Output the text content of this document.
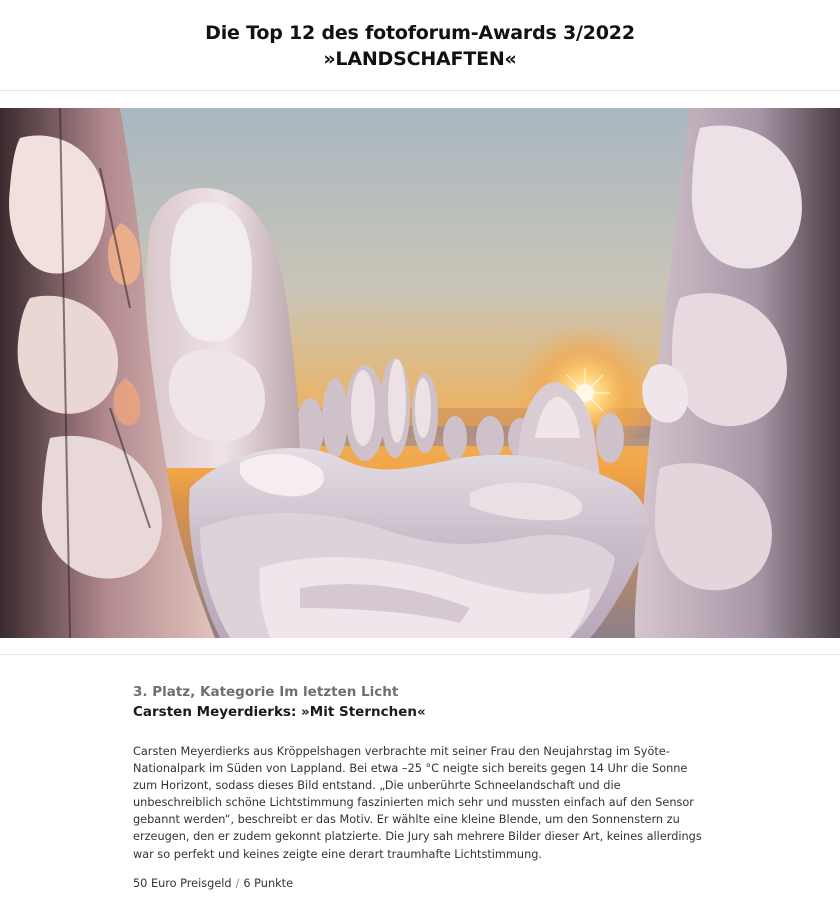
Die Top 12 des fotoforum-Awards 3/2022
»LANDSCHAFTEN«
3. Platz, Kategorie Im letzten Licht
Carsten Meyerdierks: »Mit Sternchen«

Carsten Meyerdierks aus Kröppelshagen verbrachte mit seiner Frau den Neujahrstag im Syöte-Nationalpark im Süden von Lappland. Bei etwa –25 °C neigte sich bereits gegen 14 Uhr die Sonne zum Horizont, sodass dieses Bild entstand. „Die unberührte Schneelandschaft und die unbeschreiblich schöne Lichtstimmung faszinierten mich sehr und mussten einfach auf den Sensor gebannt werden“, beschreibt er das Motiv. Er wählte eine kleine Blende, um den Sonnenstern zu erzeugen, den er zudem gekonnt platzierte. Die Jury sah mehrere Bilder dieser Art, keines allerdings war so perfekt und keines zeigte eine derart traumhafte Lichtstimmung.

50 Euro Preisgeld / 6 Punkte
